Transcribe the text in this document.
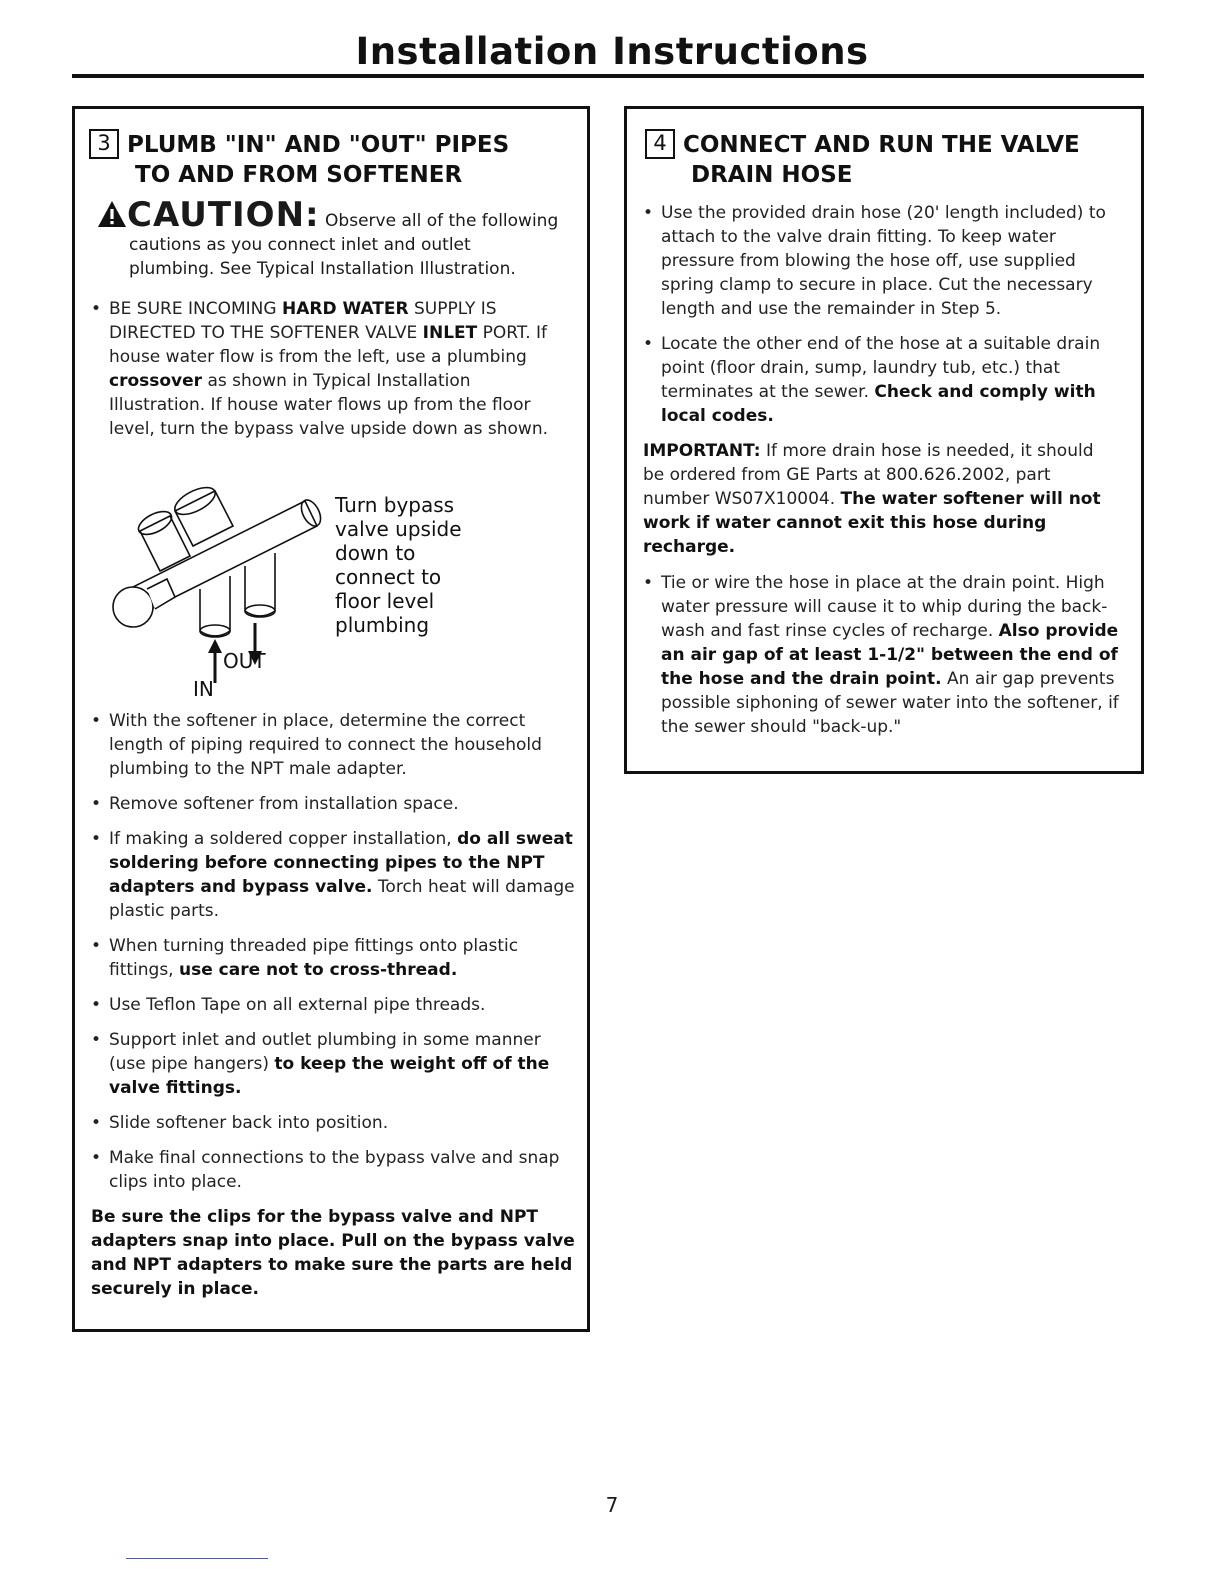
Installation Instructions
3 PLUMB "IN" AND "OUT" PIPES
TO AND FROM SOFTENER
CAUTION: Observe all of the following
cautions as you connect inlet and outlet
plumbing. See Typical Installation Illustration.
• BE SURE INCOMING HARD WATER SUPPLY IS DIRECTED TO THE SOFTENER VALVE INLET PORT. If house water flow is from the left, use a plumbing crossover as shown in Typical Installation Illustration. If house water flows up from the floor level, turn the bypass valve upside down as shown.
Turn bypass
valve upside
down to
connect to
floor level
plumbing
OUT
IN
• With the softener in place, determine the correct length of piping required to connect the household plumbing to the NPT male adapter.
• Remove softener from installation space.
• If making a soldered copper installation, do all sweat soldering before connecting pipes to the NPT adapters and bypass valve. Torch heat will damage plastic parts.
• When turning threaded pipe fittings onto plastic fittings, use care not to cross-thread.
• Use Teflon Tape on all external pipe threads.
• Support inlet and outlet plumbing in some manner (use pipe hangers) to keep the weight off of the valve fittings.
• Slide softener back into position.
• Make final connections to the bypass valve and snap clips into place.
Be sure the clips for the bypass valve and NPT adapters snap into place. Pull on the bypass valve and NPT adapters to make sure the parts are held securely in place.
4 CONNECT AND RUN THE VALVE
DRAIN HOSE
• Use the provided drain hose (20' length included) to attach to the valve drain fitting. To keep water pressure from blowing the hose off, use supplied spring clamp to secure in place. Cut the necessary length and use the remainder in Step 5.
• Locate the other end of the hose at a suitable drain point (floor drain, sump, laundry tub, etc.) that terminates at the sewer. Check and comply with local codes.
IMPORTANT: If more drain hose is needed, it should be ordered from GE Parts at 800.626.2002, part number WS07X10004. The water softener will not work if water cannot exit this hose during recharge.
• Tie or wire the hose in place at the drain point. High water pressure will cause it to whip during the back-wash and fast rinse cycles of recharge. Also provide an air gap of at least 1-1/2" between the end of the hose and the drain point. An air gap prevents possible siphoning of sewer water into the softener, if the sewer should "back-up."
7
